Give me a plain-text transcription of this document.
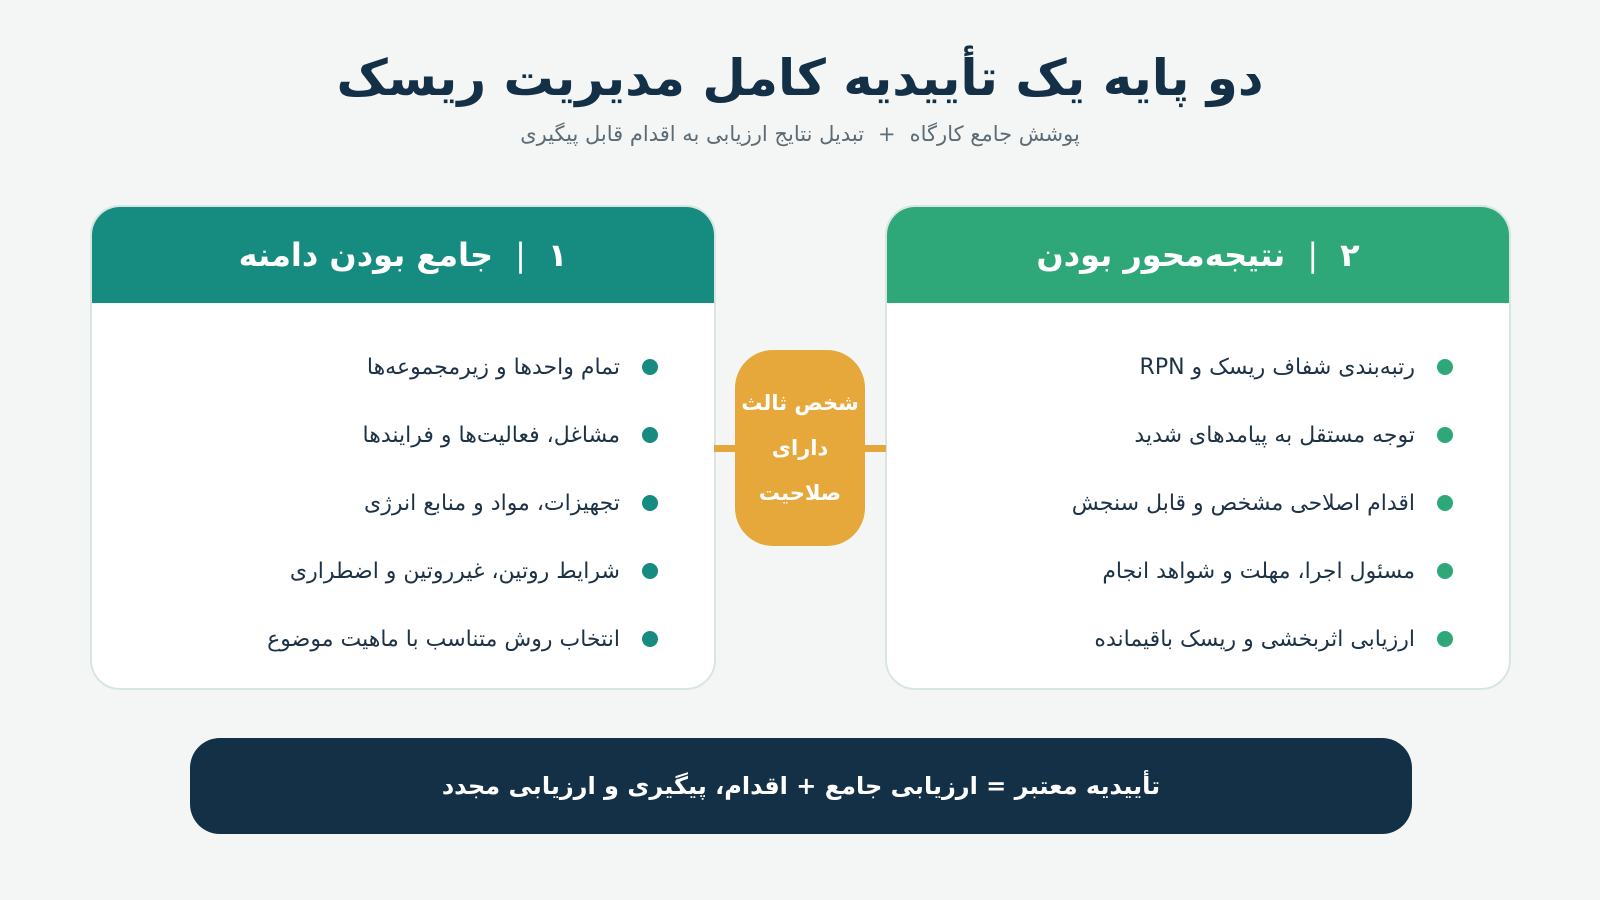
دو پایه یک تأییدیه کامل مدیریت ریسک
پوشش جامع کارگاه+تبدیل نتایج ارزیابی به اقدام قابل پیگیری
۱
|
جامع بودن دامنه
تمام واحدها و زیرمجموعه‌ها
مشاغل، فعالیت‌ها و فرایندها
تجهیزات، مواد و منابع انرژی
شرایط روتین، غیرروتین و اضطراری
انتخاب روش متناسب با ماهیت موضوع
۲
|
نتیجه‌محور بودن
رتبه‌بندی شفاف ریسک و RPN
توجه مستقل به پیامدهای شدید
اقدام اصلاحی مشخص و قابل سنجش
مسئول اجرا، مهلت و شواهد انجام
ارزیابی اثربخشی و ریسک باقیمانده
شخص ثالث
دارای
صلاحیت
تأییدیه معتبر = ارزیابی جامع + اقدام، پیگیری و ارزیابی مجدد
